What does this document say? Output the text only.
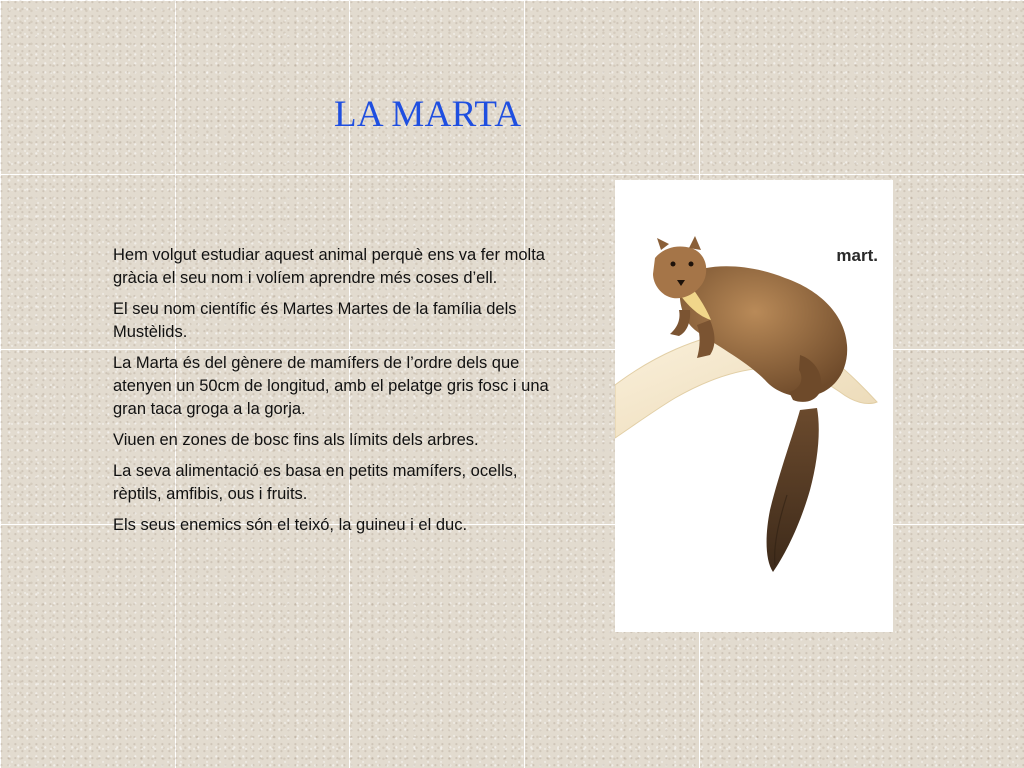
LA MARTA

Hem volgut estudiar aquest animal perquè ens va fer molta gràcia el seu nom i volíem aprendre més coses d’ell.

El seu nom científic és Martes Martes de la família dels Mustèlids.

La Marta és del gènere de mamífers de l’ordre dels que atenyen un 50cm de longitud, amb el pelatge gris fosc i una gran taca groga a la gorja.

Viuen en zones de bosc fins als límits dels arbres.

La seva alimentació es basa en petits mamífers, ocells, rèptils, amfibis, ous i fruits.

Els seus enemics són el teixó, la guineu i el duc.

mart.
